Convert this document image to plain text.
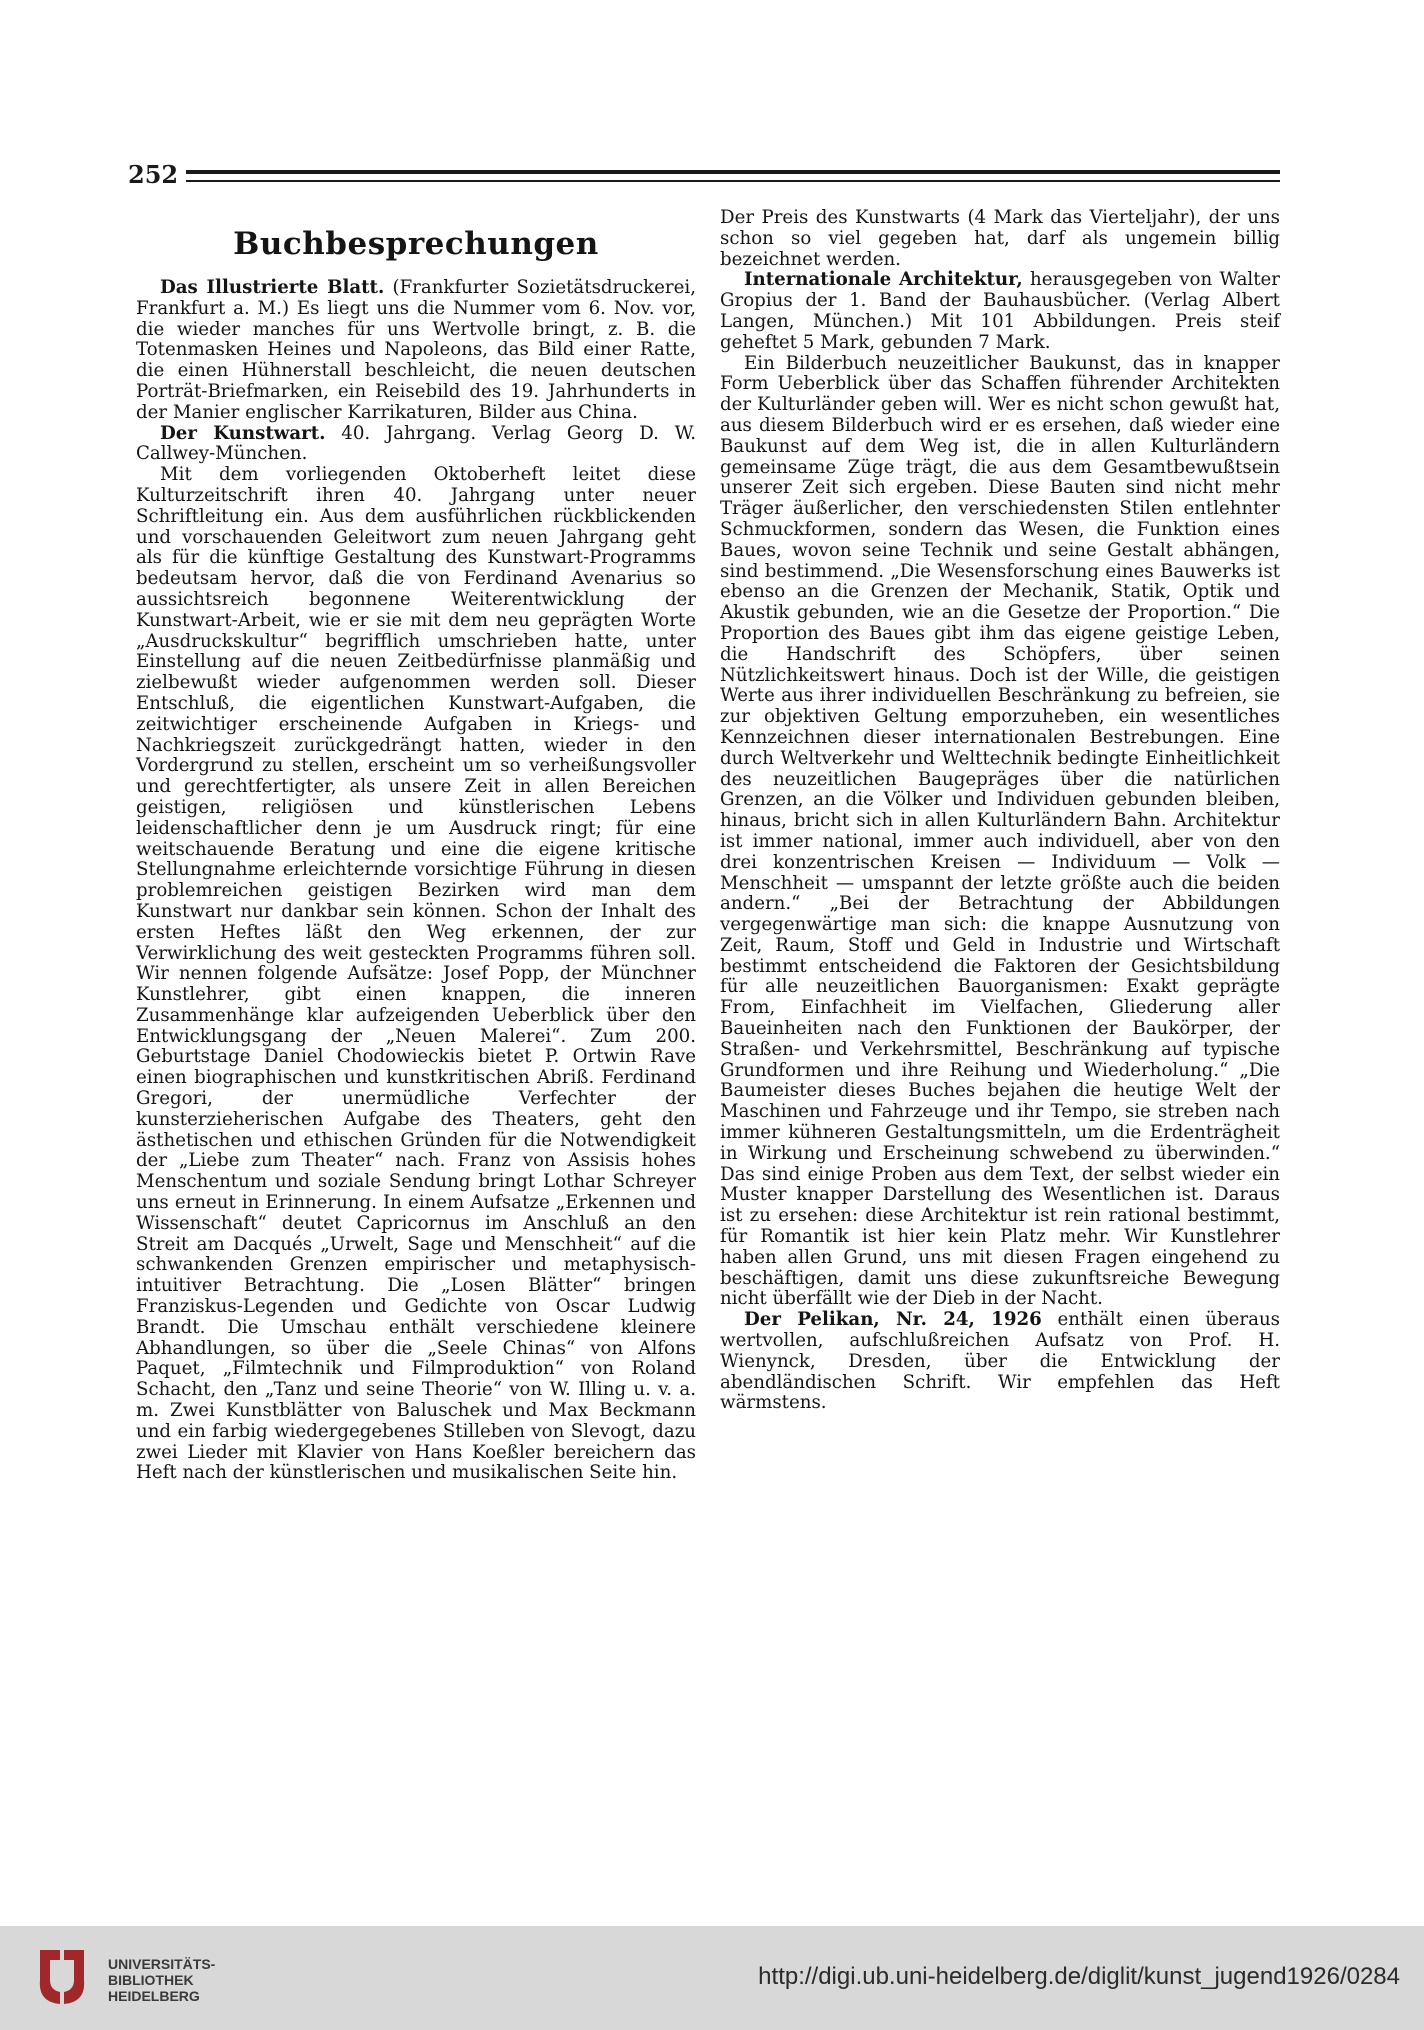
252
Buchbesprechungen

Das Illustrierte Blatt. (Frankfurter Sozietätsdruckerei, Frankfurt a. M.) Es liegt uns die Nummer vom 6. Nov. vor, die wieder manches für uns Wertvolle bringt, z. B. die Totenmasken Heines und Napoleons, das Bild einer Ratte, die einen Hühnerstall beschleicht, die neuen deutschen Porträt-Briefmarken, ein Reisebild des 19. Jahrhunderts in der Manier englischer Karrikaturen, Bilder aus China.

Der Kunstwart. 40. Jahrgang. Verlag Georg D. W. Callwey-München.

Mit dem vorliegenden Oktoberheft leitet diese Kulturzeitschrift ihren 40. Jahrgang unter neuer Schriftleitung ein. Aus dem ausführlichen rückblickenden und vorschauenden Geleitwort zum neuen Jahrgang geht als für die künftige Gestaltung des Kunstwart-Programms bedeutsam hervor, daß die von Ferdinand Avenarius so aussichtsreich begonnene Weiterentwicklung der Kunstwart-Arbeit, wie er sie mit dem neu geprägten Worte „Ausdruckskultur“ begrifflich umschrieben hatte, unter Einstellung auf die neuen Zeitbedürfnisse planmäßig und zielbewußt wieder aufgenommen werden soll. Dieser Entschluß, die eigentlichen Kunstwart-Aufgaben, die zeitwichtiger erscheinende Aufgaben in Kriegs- und Nachkriegszeit zurückgedrängt hatten, wieder in den Vordergrund zu stellen, erscheint um so verheißungsvoller und gerechtfertigter, als unsere Zeit in allen Bereichen geistigen, religiösen und künstlerischen Lebens leidenschaftlicher denn je um Ausdruck ringt; für eine weitschauende Beratung und eine die eigene kritische Stellungnahme erleichternde vorsichtige Führung in diesen problemreichen geistigen Bezirken wird man dem Kunstwart nur dankbar sein können. Schon der Inhalt des ersten Heftes läßt den Weg erkennen, der zur Verwirklichung des weit gesteckten Programms führen soll. Wir nennen folgende Aufsätze: Josef Popp, der Münchner Kunstlehrer, gibt einen knappen, die inneren Zusammenhänge klar aufzeigenden Ueberblick über den Entwicklungsgang der „Neuen Malerei“. Zum 200. Geburtstage Daniel Chodowieckis bietet P. Ortwin Rave einen biographischen und kunstkritischen Abriß. Ferdinand Gregori, der unermüdliche Verfechter der kunsterzieherischen Aufgabe des Theaters, geht den ästhetischen und ethischen Gründen für die Notwendigkeit der „Liebe zum Theater“ nach. Franz von Assisis hohes Menschentum und soziale Sendung bringt Lothar Schreyer uns erneut in Erinnerung. In einem Aufsatze „Erkennen und Wissenschaft“ deutet Capricornus im Anschluß an den Streit am Dacqués „Urwelt, Sage und Menschheit“ auf die schwankenden Grenzen empirischer und metaphysisch-intuitiver Betrachtung. Die „Losen Blätter“ bringen Franziskus-Legenden und Gedichte von Oscar Ludwig Brandt. Die Umschau enthält verschiedene kleinere Abhandlungen, so über die „Seele Chinas“ von Alfons Paquet, „Filmtechnik und Filmproduktion“ von Roland Schacht, den „Tanz und seine Theorie“ von W. Illing u. v. a. m. Zwei Kunstblätter von Baluschek und Max Beckmann und ein farbig wiedergegebenes Stilleben von Slevogt, dazu zwei Lieder mit Klavier von Hans Koeßler bereichern das Heft nach der künstlerischen und musikalischen Seite hin.

Der Preis des Kunstwarts (4 Mark das Vierteljahr), der uns schon so viel gegeben hat, darf als ungemein billig bezeichnet werden.

Internationale Architektur, herausgegeben von Walter Gropius der 1. Band der Bauhausbücher. (Verlag Albert Langen, München.) Mit 101 Abbildungen. Preis steif geheftet 5 Mark, gebunden 7 Mark.

Ein Bilderbuch neuzeitlicher Baukunst, das in knapper Form Ueberblick über das Schaffen führender Architekten der Kulturländer geben will. Wer es nicht schon gewußt hat, aus diesem Bilderbuch wird er es ersehen, daß wieder eine Baukunst auf dem Weg ist, die in allen Kulturländern gemeinsame Züge trägt, die aus dem Gesamtbewußtsein unserer Zeit sich ergeben. Diese Bauten sind nicht mehr Träger äußerlicher, den verschiedensten Stilen entlehnter Schmuckformen, sondern das Wesen, die Funktion eines Baues, wovon seine Technik und seine Gestalt abhängen, sind bestimmend. „Die Wesensforschung eines Bauwerks ist ebenso an die Grenzen der Mechanik, Statik, Optik und Akustik gebunden, wie an die Gesetze der Proportion.“ Die Proportion des Baues gibt ihm das eigene geistige Leben, die Handschrift des Schöpfers, über seinen Nützlichkeitswert hinaus. Doch ist der Wille, die geistigen Werte aus ihrer individuellen Beschränkung zu befreien, sie zur objektiven Geltung emporzuheben, ein wesentliches Kennzeichnen dieser internationalen Bestrebungen. Eine durch Weltverkehr und Welttechnik bedingte Einheitlichkeit des neuzeitlichen Baugepräges über die natürlichen Grenzen, an die Völker und Individuen gebunden bleiben, hinaus, bricht sich in allen Kulturländern Bahn. Architektur ist immer national, immer auch individuell, aber von den drei konzentrischen Kreisen — Individuum — Volk — Menschheit — umspannt der letzte größte auch die beiden andern.“ „Bei der Betrachtung der Abbildungen vergegenwärtige man sich: die knappe Ausnutzung von Zeit, Raum, Stoff und Geld in Industrie und Wirtschaft bestimmt entscheidend die Faktoren der Gesichtsbildung für alle neuzeitlichen Bauorganismen: Exakt geprägte From, Einfachheit im Vielfachen, Gliederung aller Baueinheiten nach den Funktionen der Baukörper, der Straßen- und Verkehrsmittel, Beschränkung auf typische Grundformen und ihre Reihung und Wiederholung.“ „Die Baumeister dieses Buches bejahen die heutige Welt der Maschinen und Fahrzeuge und ihr Tempo, sie streben nach immer kühneren Gestaltungsmitteln, um die Erdenträgheit in Wirkung und Erscheinung schwebend zu überwinden.“ Das sind einige Proben aus dem Text, der selbst wieder ein Muster knapper Darstellung des Wesentlichen ist. Daraus ist zu ersehen: diese Architektur ist rein rational bestimmt, für Romantik ist hier kein Platz mehr. Wir Kunstlehrer haben allen Grund, uns mit diesen Fragen eingehend zu beschäftigen, damit uns diese zukunftsreiche Bewegung nicht überfällt wie der Dieb in der Nacht.

Der Pelikan, Nr. 24, 1926 enthält einen überaus wertvollen, aufschlußreichen Aufsatz von Prof. H. Wienynck, Dresden, über die Entwicklung der abendländischen Schrift. Wir empfehlen das Heft wärmstens.

UNIVERSITÄTS-
BIBLIOTHEK
HEIDELBERG
http://digi.ub.uni-heidelberg.de/diglit/kunst_jugend1926/0284
